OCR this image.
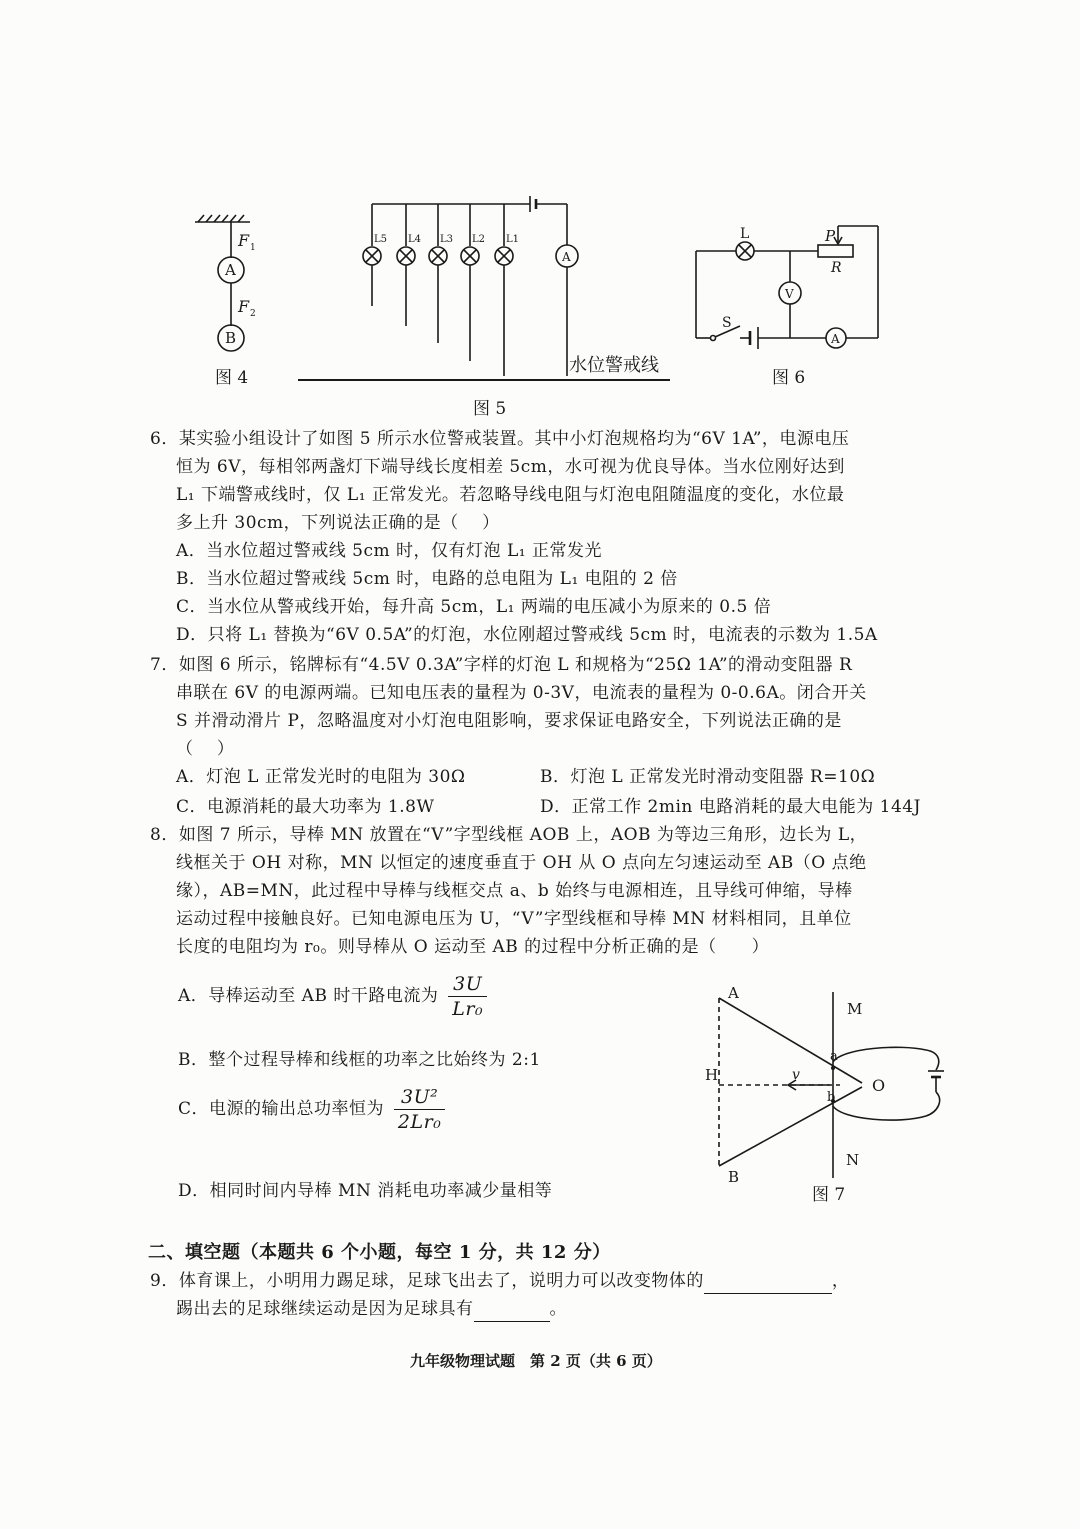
A
B
F 1
F 2
图 4
L5 L4 L3 L2 L1
A
水位警戒线
图 5
L	P
R
V
S
A
图 6
6．某实验小组设计了如图 5 所示水位警戒装置。其中小灯泡规格均为“6V 1A”，电源电压
恒为 6V，每相邻两盏灯下端导线长度相差 5cm，水可视为优良导体。当水位刚好达到
L₁ 下端警戒线时，仅 L₁ 正常发光。若忽略导线电阻与灯泡电阻随温度的变化，水位最
多上升 30cm，下列说法正确的是（　 ）
A．当水位超过警戒线 5cm 时，仅有灯泡 L₁ 正常发光
B．当水位超过警戒线 5cm 时，电路的总电阻为 L₁ 电阻的 2 倍
C．当水位从警戒线开始，每升高 5cm，L₁ 两端的电压减小为原来的 0.5 倍
D．只将 L₁ 替换为“6V 0.5A”的灯泡，水位刚超过警戒线 5cm 时，电流表的示数为 1.5A
7．如图 6 所示，铭牌标有“4.5V 0.3A”字样的灯泡 L 和规格为“25Ω 1A”的滑动变阻器 R
串联在 6V 的电源两端。已知电压表的量程为 0-3V，电流表的量程为 0-0.6A。闭合开关
S 并滑动滑片 P，忽略温度对小灯泡电阻影响，要求保证电路安全，下列说法正确的是
（　 ）
A．灯泡 L 正常发光时的电阻为 30Ω	B．灯泡 L 正常发光时滑动变阻器 R=10Ω
C．电源消耗的最大功率为 1.8W	D．正常工作 2min 电路消耗的最大电能为 144J
8．如图 7 所示，导棒 MN 放置在“V”字型线框 AOB 上，AOB 为等边三角形，边长为 L，
线框关于 OH 对称，MN 以恒定的速度垂直于 OH 从 O 点向左匀速运动至 AB（O 点绝
缘），AB=MN，此过程中导棒与线框交点 a、b 始终与电源相连，且导线可伸缩，导棒
运动过程中接触良好。已知电源电压为 U，“V”字型线框和导棒 MN 材料相同，且单位
长度的电阻均为 r₀。则导棒从 O 运动至 AB 的过程中分析正确的是（　　）
A．导棒运动至 AB 时干路电流为 $\frac{3U}{\text{Lr₀}}$
B．整个过程导棒和线框的功率之比始终为 2:1
C．电源的输出总功率恒为 $\frac{\text{3U²}}{\text{2Lr₀}}$
D．相同时间内导棒 MN 消耗电功率减少量相等
A
B
H
O
M
N
a
b
v
图 7
二、填空题（本题共 6 个小题，每空 1 分，共 12 分）
9．体育课上，小明用力踢足球，足球飞出去了，说明力可以改变物体的	，
踢出去的足球继续运动是因为足球具有	。
九年级物理试题　第 2 页（共 6 页）
